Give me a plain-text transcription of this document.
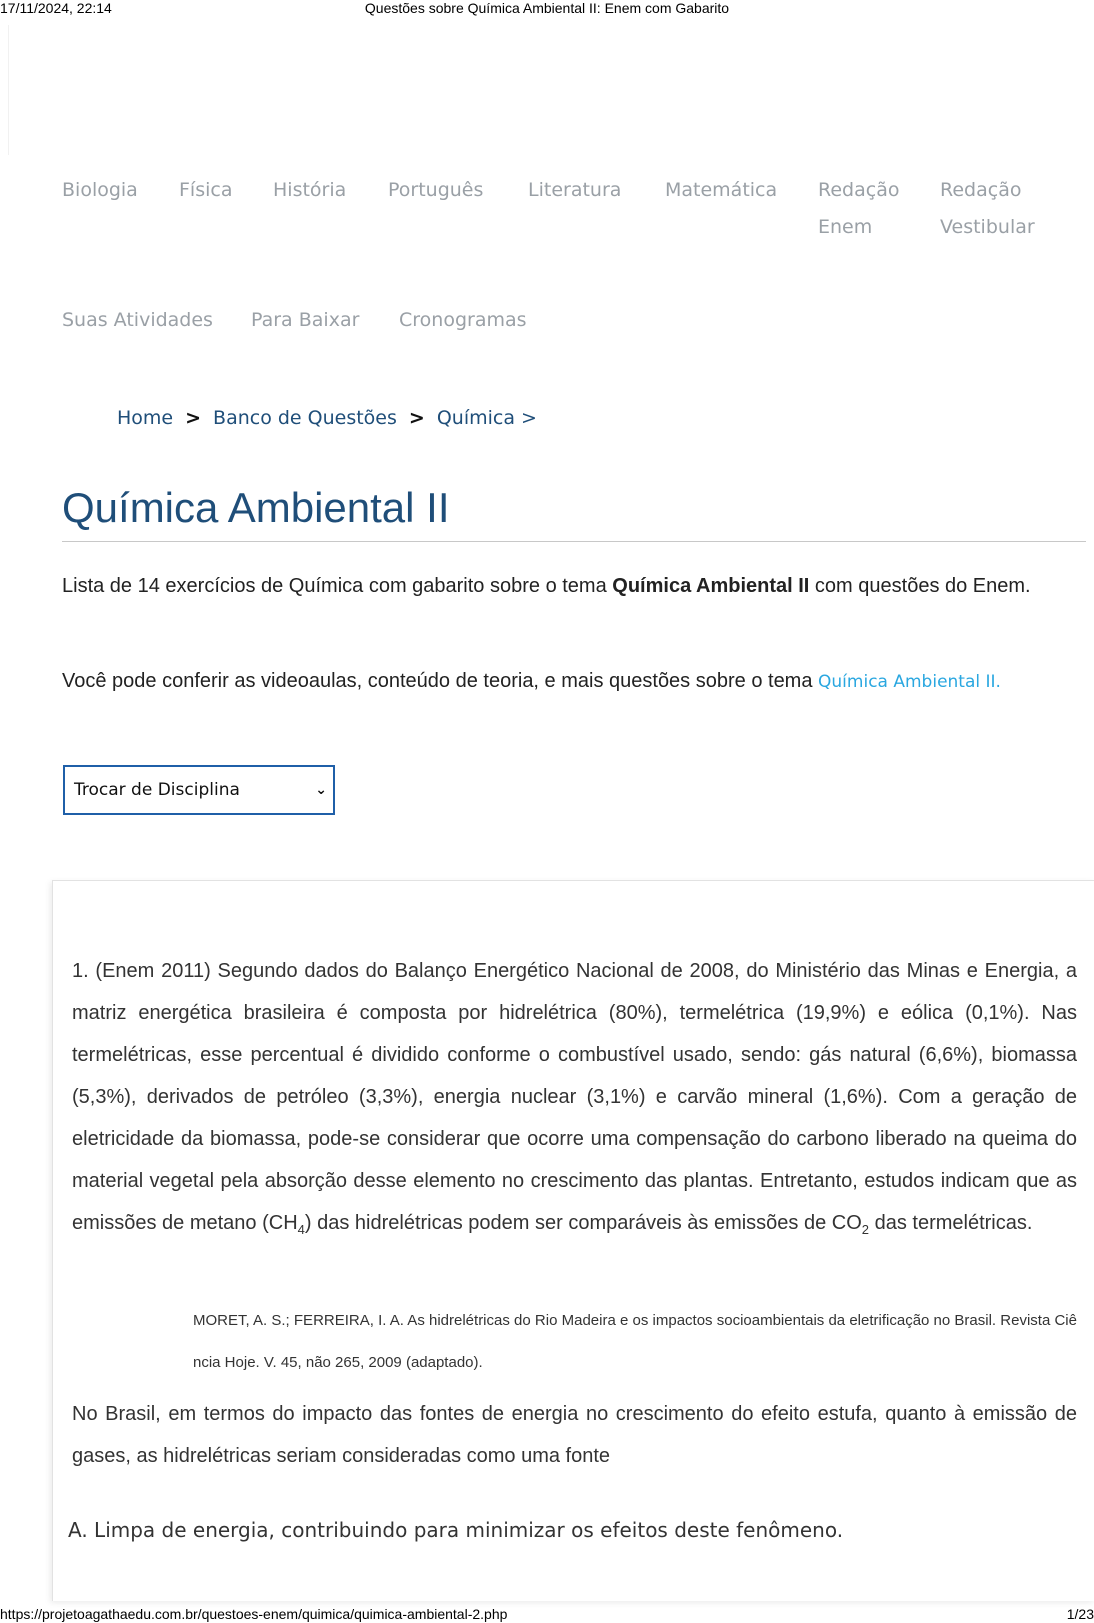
17/11/2024, 22:14	Questões sobre Química Ambiental II: Enem com Gabarito
Biologia Física História Português Literatura Matemática Redação
Enem
Redação
Vestibular
Suas Atividades Para Baixar Cronogramas
Home > Banco de Questões > Química >
Química Ambiental II

Lista de 14 exercícios de Química com gabarito sobre o tema Química Ambiental II com questões do Enem.

Você pode conferir as videoaulas, conteúdo de teoria, e mais questões sobre o tema Química Ambiental II.

Trocar de Disciplina	⌄

1. (Enem 2011) Segundo dados do Balanço Energético Nacional de 2008, do Ministério das Minas e Energia, a matriz energética brasileira é composta por hidrelétrica (80%), termelétrica (19,9%) e eólica (0,1%). Nas termelétricas, esse percentual é dividido conforme o combustível usado, sendo: gás natural (6,6%), biomassa (5,3%), derivados de petróleo (3,3%), energia nuclear (3,1%) e carvão mineral (1,6%). Com a geração de eletricidade da biomassa, pode-se considerar que ocorre uma compensação do carbono liberado na queima do material vegetal pela absorção desse elemento no crescimento das plantas. Entretanto, estudos indicam que as emissões de metano $(CH_4)$ das hidrelétricas podem ser comparáveis às emissões de $CO_2$ das termelétricas.

MORET, A. S.; FERREIRA, I. A. As hidrelétricas do Rio Madeira e os impactos socioambientais da eletrificação no Brasil. Revista Ciência Hoje. V. 45, não 265, 2009 (adaptado).

No Brasil, em termos do impacto das fontes de energia no crescimento do efeito estufa, quanto à emissão de gases, as hidrelétricas seriam consideradas como uma fonte

A. Limpa de energia, contribuindo para minimizar os efeitos deste fenômeno.

https://projetoagathaedu.com.br/questoes-enem/quimica/quimica-ambiental-2.php	1/23
